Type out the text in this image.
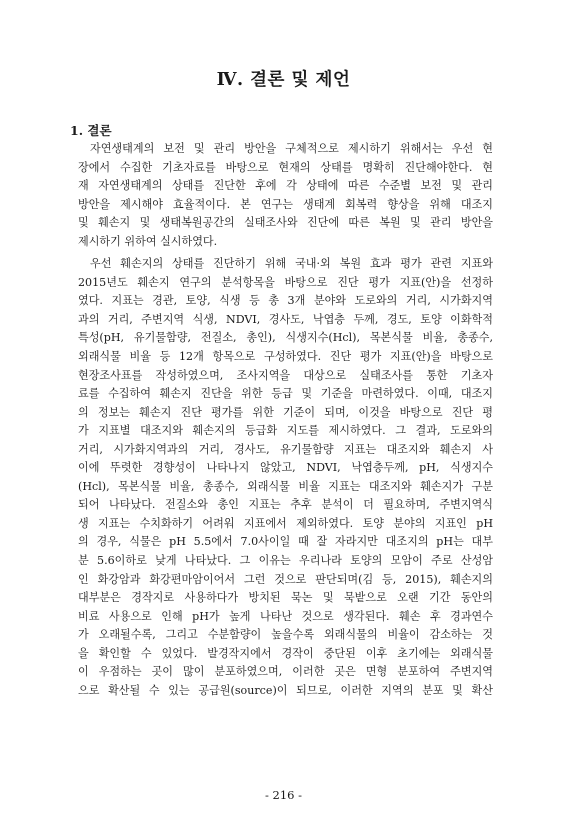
Ⅳ. 결론 및 제언
1. 결론
자연생태계의 보전 및 관리 방안을 구체적으로 제시하기 위해서는 우선 현
장에서 수집한 기초자료를 바탕으로 현재의 상태를 명확히 진단해야한다. 현
재 자연생태계의 상태를 진단한 후에 각 상태에 따른 수준별 보전 및 관리
방안을 제시해야 효율적이다. 본 연구는 생태계 회복력 향상을 위해 대조지
및 훼손지 및 생태복원공간의 실태조사와 진단에 따른 복원 및 관리 방안을
제시하기 위하여 실시하였다.
우선 훼손지의 상태를 진단하기 위해 국내·외 복원 효과 평가 관련 지표와
2015년도 훼손지 연구의 분석항목을 바탕으로 진단 평가 지표(안)을 선정하
였다. 지표는 경관, 토양, 식생 등 총 3개 분야와 도로와의 거리, 시가화지역
과의 거리, 주변지역 식생, NDVI, 경사도, 낙엽층 두께, 경도, 토양 이화학적
특성(pH, 유기물함량, 전질소, 총인), 식생지수(Hcl), 목본식물 비율, 총종수,
외래식물 비율 등 12개 항목으로 구성하였다. 진단 평가 지표(안)을 바탕으로
현장조사표를 작성하였으며, 조사지역을 대상으로 실태조사를 통한 기초자
료를 수집하여 훼손지 진단을 위한 등급 및 기준을 마련하였다. 이때, 대조지
의 정보는 훼손지 진단 평가를 위한 기준이 되며, 이것을 바탕으로 진단 평
가 지표별 대조지와 훼손지의 등급화 지도를 제시하였다. 그 결과, 도로와의
거리, 시가화지역과의 거리, 경사도, 유기물함량 지표는 대조지와 훼손지 사
이에 뚜렷한 경향성이 나타나지 않았고, NDVI, 낙엽층두께, pH, 식생지수
(Hcl), 목본식물 비율, 총종수, 외래식물 비율 지표는 대조지와 훼손지가 구분
되어 나타났다. 전질소와 총인 지표는 추후 분석이 더 필요하며, 주변지역식
생 지표는 수치화하기 어려워 지표에서 제외하였다. 토양 분야의 지표인 pH
의 경우, 식물은 pH 5.5에서 7.0사이일 때 잘 자라지만 대조지의 pH는 대부
분 5.6이하로 낮게 나타났다. 그 이유는 우리나라 토양의 모암이 주로 산성암
인 화강암과 화강편마암이어서 그런 것으로 판단되며(김 등, 2015), 훼손지의
대부분은 경작지로 사용하다가 방치된 묵논 및 묵밭으로 오랜 기간 동안의
비료 사용으로 인해 pH가 높게 나타난 것으로 생각된다. 훼손 후 경과연수
가 오래될수록, 그리고 수분함량이 높을수록 외래식물의 비율이 감소하는 것
을 확인할 수 있었다. 발경작지에서 경작이 중단된 이후 초기에는 외래식물
이 우점하는 곳이 많이 분포하였으며, 이러한 곳은 면형 분포하여 주변지역
으로 확산될 수 있는 공급원(source)이 되므로, 이러한 지역의 분포 및 확산
- 216 -
